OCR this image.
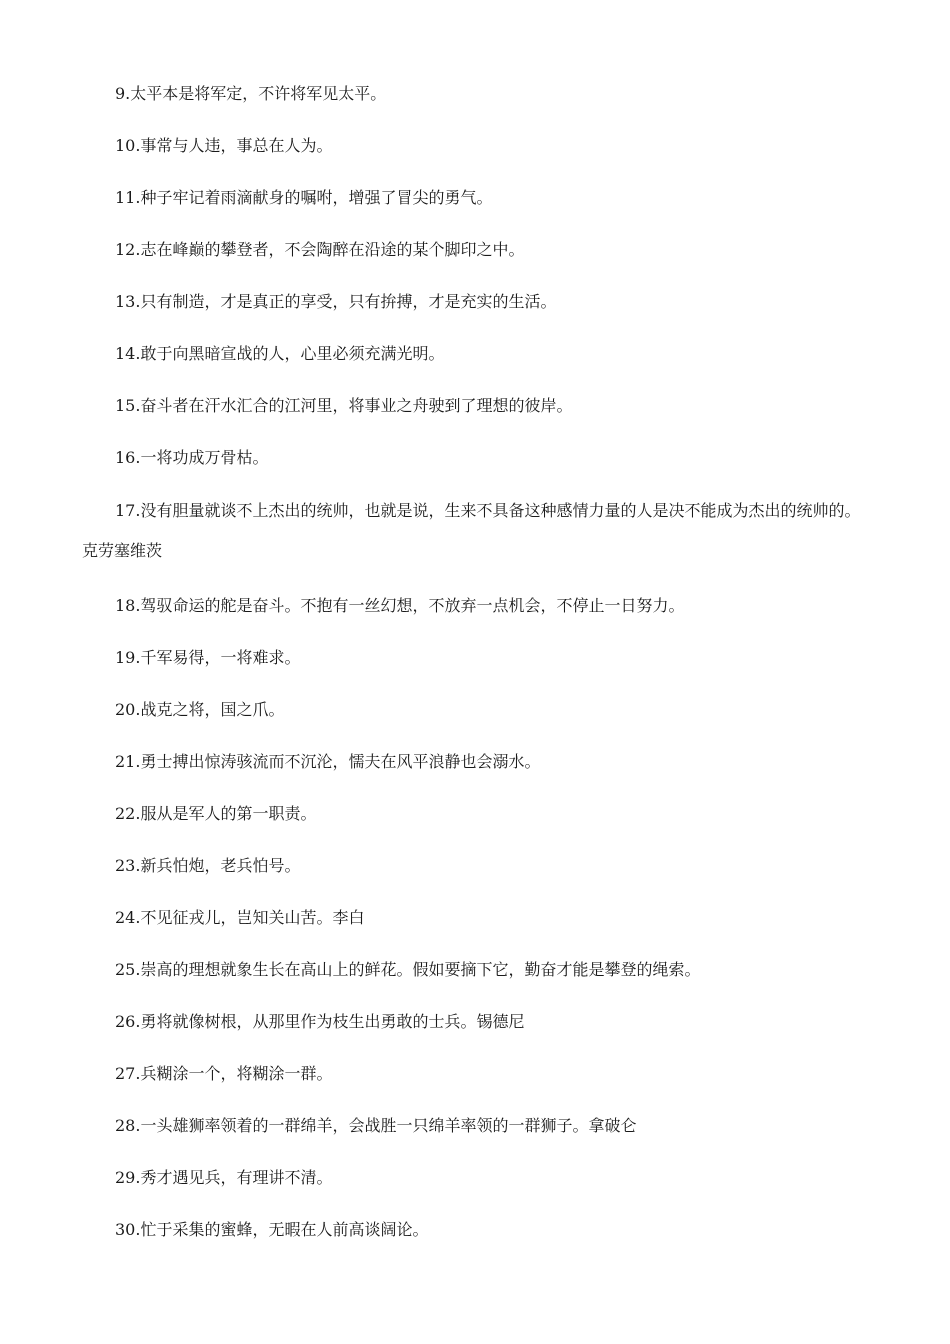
9.太平本是将军定，不许将军见太平。

10.事常与人违，事总在人为。

11.种子牢记着雨滴献身的嘱咐，增强了冒尖的勇气。

12.志在峰巅的攀登者，不会陶醉在沿途的某个脚印之中。

13.只有制造，才是真正的享受，只有拚搏，才是充实的生活。

14.敢于向黑暗宣战的人，心里必须充满光明。

15.奋斗者在汗水汇合的江河里，将事业之舟驶到了理想的彼岸。

16.一将功成万骨枯。

17.没有胆量就谈不上杰出的统帅，也就是说，生来不具备这种感情力量的人是决不能成为杰出的统帅的。克劳塞维茨

18.驾驭命运的舵是奋斗。不抱有一丝幻想，不放弃一点机会，不停止一日努力。

19.千军易得，一将难求。

20.战克之将，国之爪。

21.勇士搏出惊涛骇流而不沉沦，懦夫在风平浪静也会溺水。

22.服从是军人的第一职责。

23.新兵怕炮，老兵怕号。

24.不见征戎儿，岂知关山苦。李白

25.崇高的理想就象生长在高山上的鲜花。假如要摘下它，勤奋才能是攀登的绳索。

26.勇将就像树根，从那里作为枝生出勇敢的士兵。锡德尼

27.兵糊涂一个，将糊涂一群。

28.一头雄狮率领着的一群绵羊，会战胜一只绵羊率领的一群狮子。拿破仑

29.秀才遇见兵，有理讲不清。

30.忙于采集的蜜蜂，无暇在人前高谈阔论。
